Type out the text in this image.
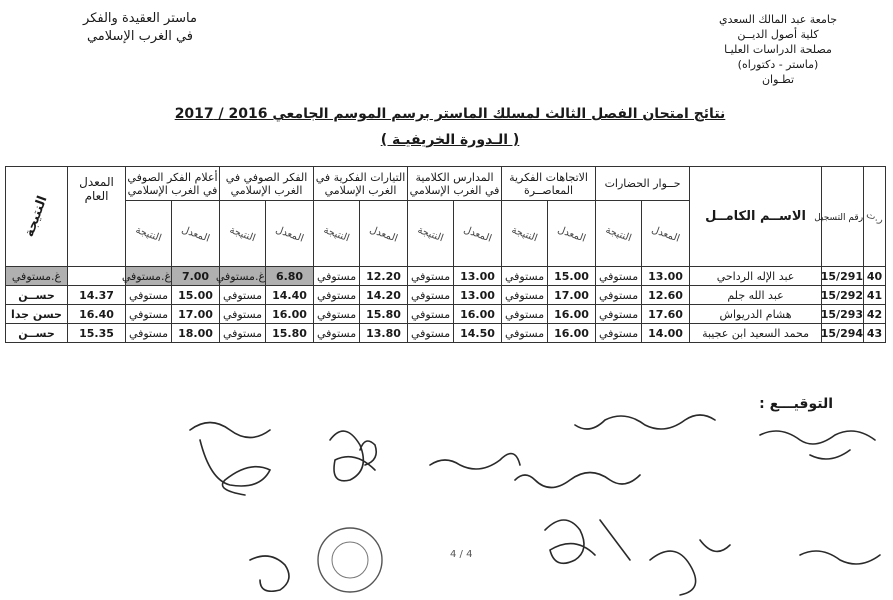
جامعة عبد المالك السعدي
كلية أصول الديــن
مصلحة الدراسات العليـا
(ماستر - دكتوراه)
تطـوان
ماستر العقيدة والفكر
في الغرب الإسلامي
نتائج امتحان الفصل الثالث لمسلك الماستر برسم الموسم الجامعي 2016 / 2017
( الـدورة الخريفيـة )
ر.ت	رقم التسجيل	الاســم الكامــل	حــوار الحضارات		الاتجاهات الفكرية المعاصــرة		المدارس الكلامية في الغرب الإسلامي		التيارات الفكرية في الغرب الإسلامي		الفكر الصوفي في الغرب الإسلامي		أعلام الفكر الصوفي في الغرب الإسلامي		المعدل العام	النتيجة
			المعدل	النتيجة	المعدل	النتيجة	المعدل	النتيجة	المعدل	النتيجة	المعدل	النتيجة	المعدل	النتيجة		
40	15/291	عبد الإله الرداحي	13.00	مستوفي	15.00	مستوفي	13.00	مستوفي	12.20	مستوفي	6.80	غ.مستوفي	7.00	غ.مستوفي		غ.مستوفي
41	15/292	عبد الله جلم	12.60	مستوفي	17.00	مستوفي	13.00	مستوفي	14.20	مستوفي	14.40	مستوفي	15.00	مستوفي	14.37	حســن
42	15/293	هشام الدريواش	17.60	مستوفي	16.00	مستوفي	16.00	مستوفي	15.80	مستوفي	16.00	مستوفي	17.00	مستوفي	16.40	حسن جدا
43	15/294	محمد السعيد ابن عجيبة	14.00	مستوفي	16.00	مستوفي	14.50	مستوفي	13.80	مستوفي	15.80	مستوفي	18.00	مستوفي	15.35	حســن
التوقيـــع :
4 / 4
